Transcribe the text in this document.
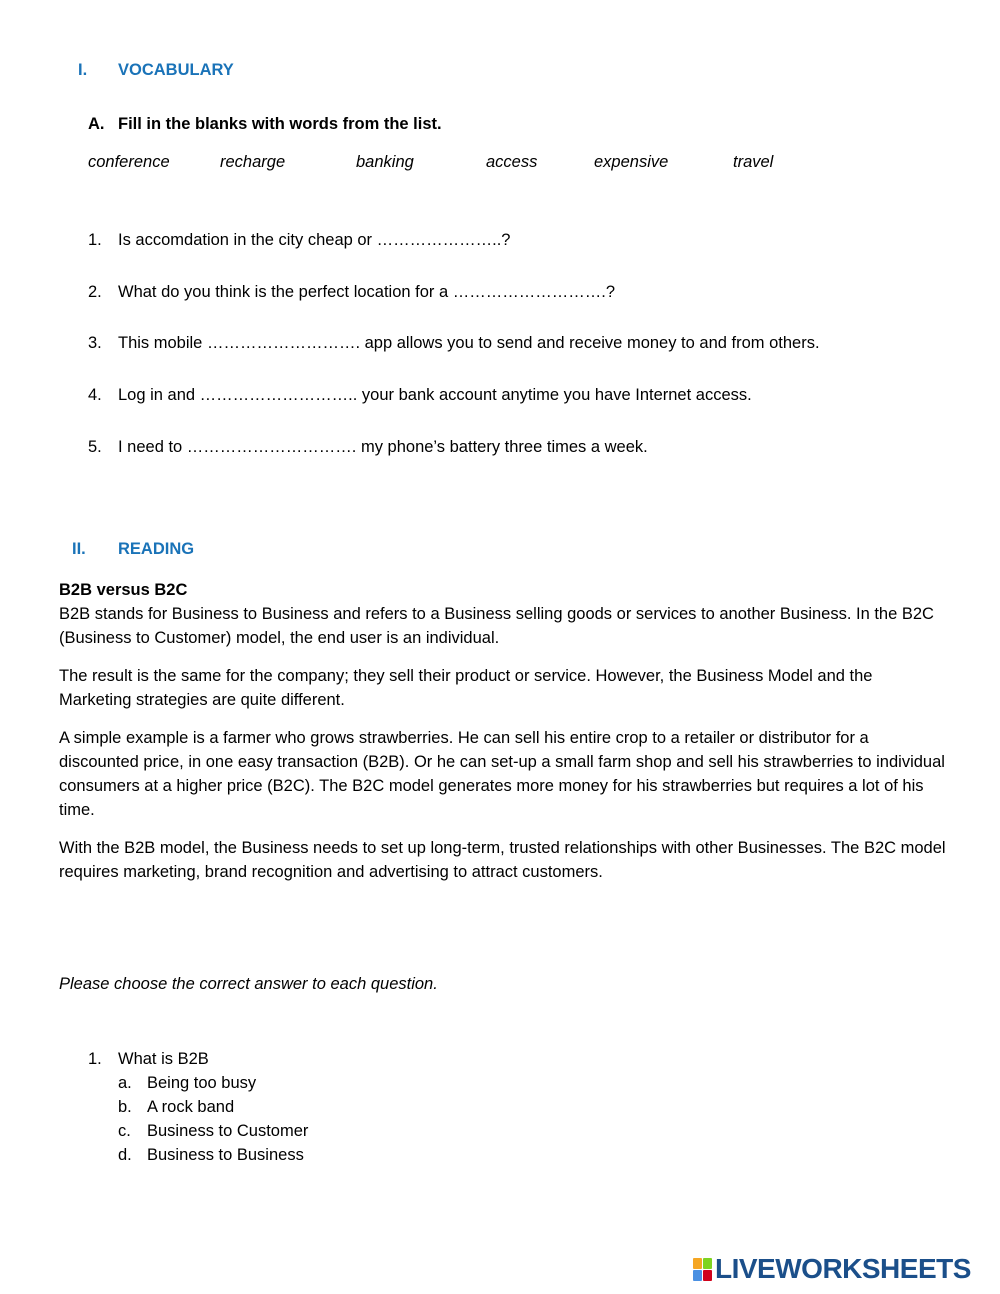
I. VOCABULARY
A. Fill in the blanks with words from the list.
conference	recharge	banking	access	expensive	travel
1. Is accomdation in the city cheap or …………………..?
2. What do you think is the perfect location for a ……………………….?
3. This mobile ………………………. app allows you to send and receive money to and from others.
4. Log in and ……………………….. your bank account anytime you have Internet access.
5. I need to …………………………. my phone’s battery three times a week.
II. READING
B2B versus B2C
B2B stands for Business to Business and refers to a Business selling goods or services to another Business. In the B2C (Business to Customer) model, the end user is an individual.
The result is the same for the company; they sell their product or service. However, the Business Model and the Marketing strategies are quite different.
A simple example is a farmer who grows strawberries. He can sell his entire crop to a retailer or distributor for a discounted price, in one easy transaction (B2B). Or he can set-up a small farm shop and sell his strawberries to individual consumers at a higher price (B2C). The B2C model generates more money for his strawberries but requires a lot of his time.
With the B2B model, the Business needs to set up long-term, trusted relationships with other Businesses. The B2C model requires marketing, brand recognition and advertising to attract customers.
Please choose the correct answer to each question.
1. What is B2B
a. Being too busy
b. A rock band
c. Business to Customer
d. Business to Business
LIVEWORKSHEETS
